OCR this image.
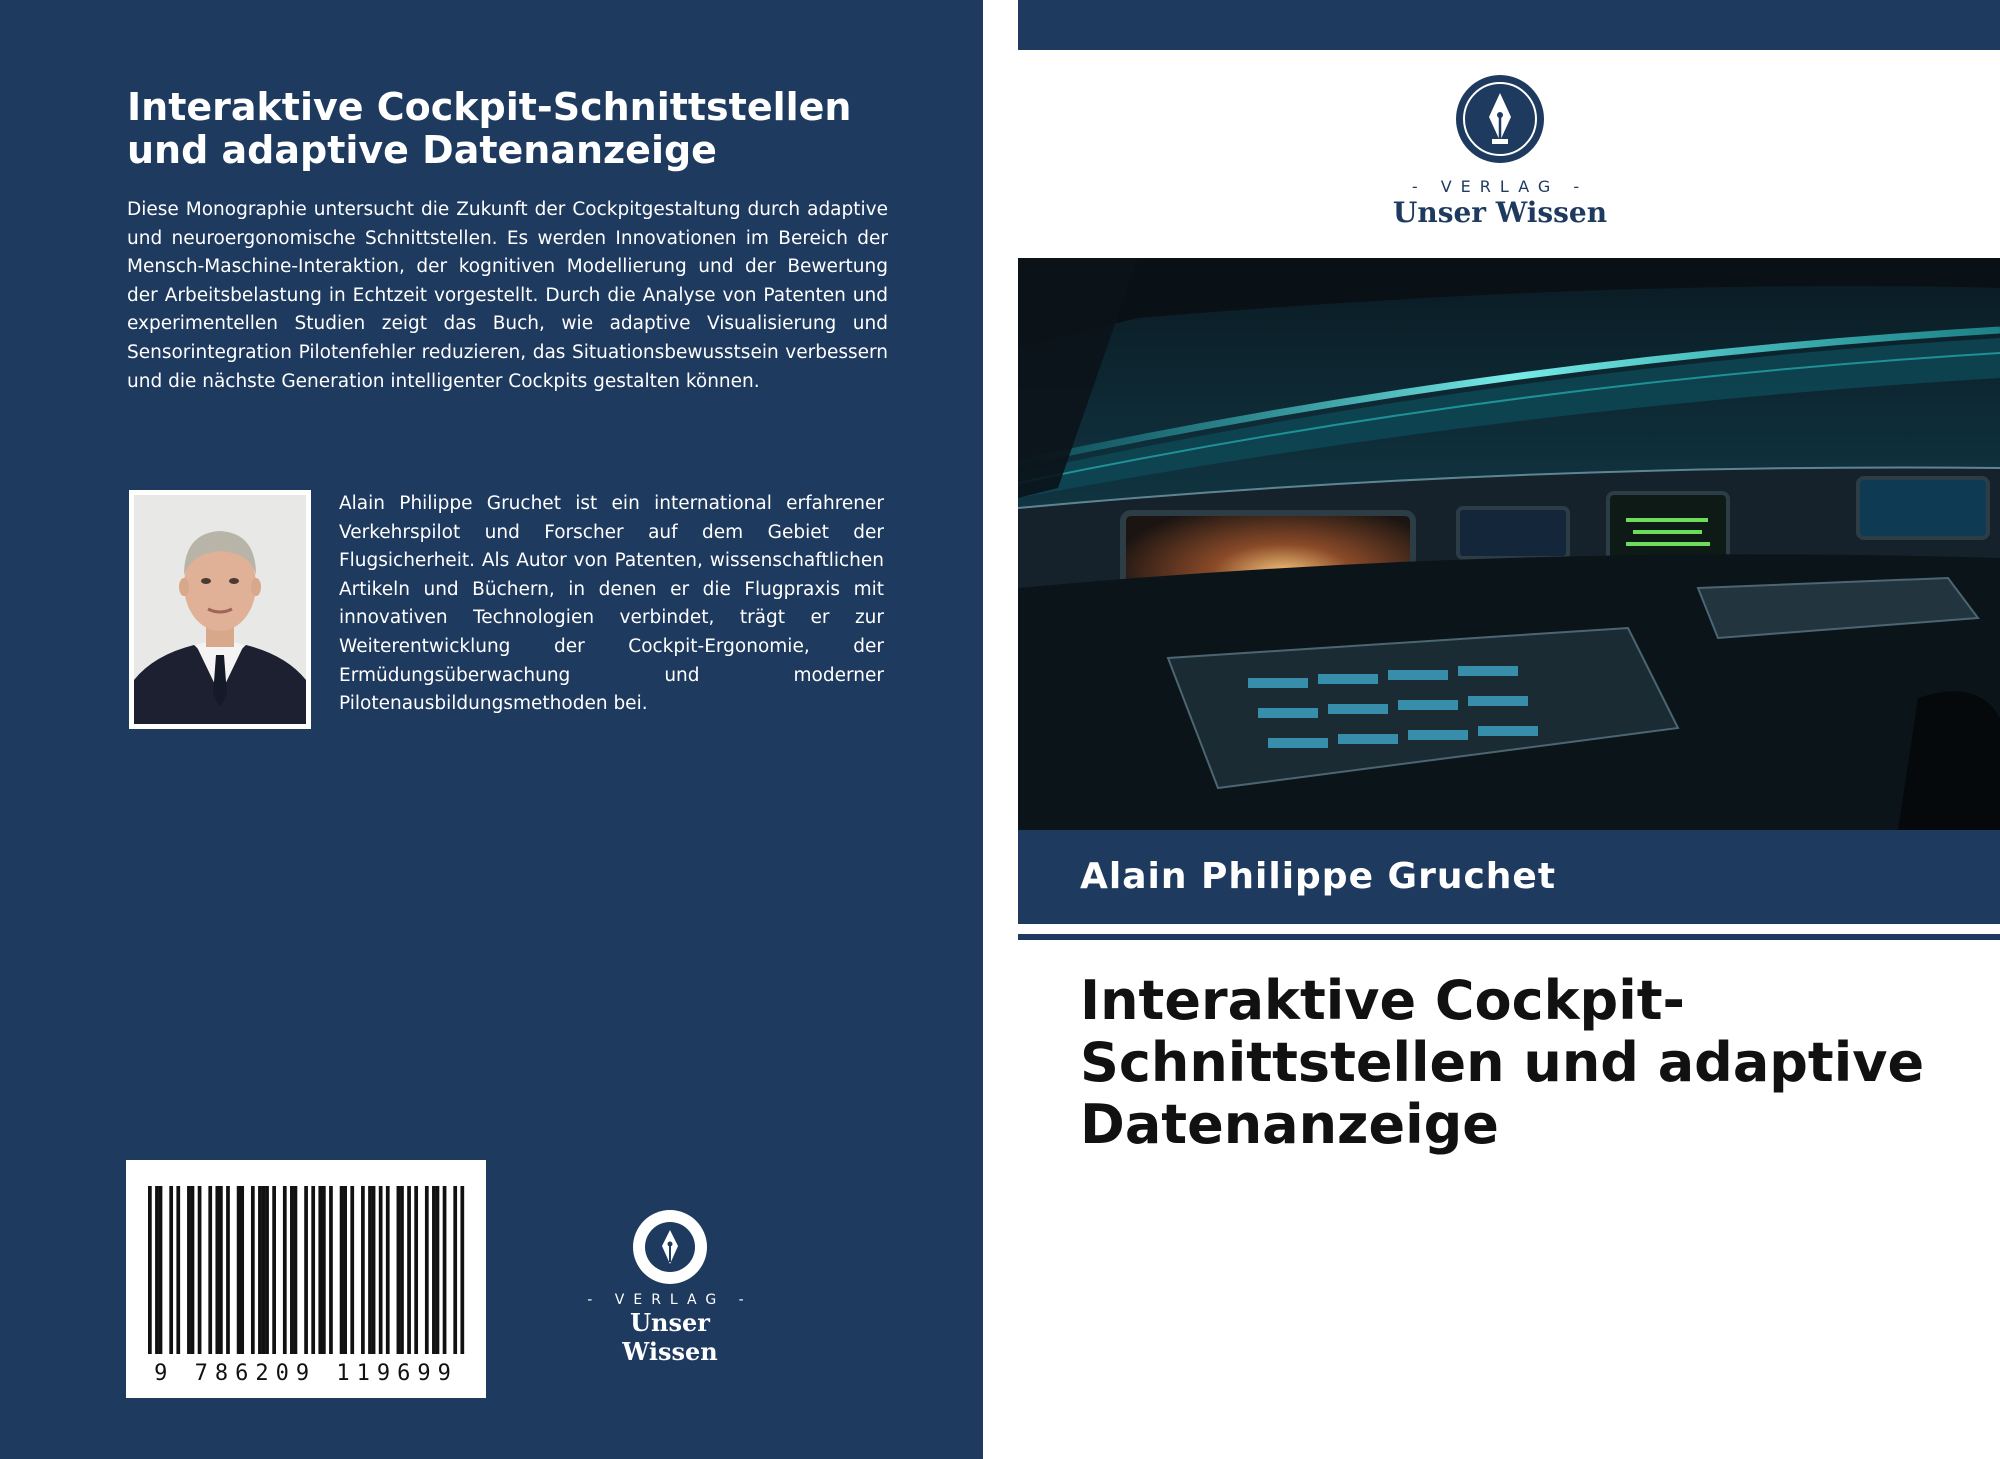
Interaktive Cockpit-Schnittstellen und adaptive Datenanzeige

Diese Monographie untersucht die Zukunft der Cockpitgestaltung durch adaptive und neuroergonomische Schnittstellen. Es werden Innovationen im Bereich der Mensch-Maschine-Interaktion, der kognitiven Modellierung und der Bewertung der Arbeitsbelastung in Echtzeit vorgestellt. Durch die Analyse von Patenten und experimentellen Studien zeigt das Buch, wie adaptive Visualisierung und Sensorintegration Pilotenfehler reduzieren, das Situationsbewusstsein verbessern und die nächste Generation intelligenter Cockpits gestalten können.

Alain Philippe Gruchet ist ein international erfahrener Verkehrspilot und Forscher auf dem Gebiet der Flugsicherheit. Als Autor von Patenten, wissenschaftlichen Artikeln und Büchern, in denen er die Flugpraxis mit innovativen Technologien verbindet, trägt er zur Weiterentwicklung der Cockpit-Ergonomie, der Ermüdungsüberwachung und moderner Pilotenausbildungsmethoden bei.

9 786209 119699
- VERLAG -
Unser Wissen
- VERLAG -
Unser Wissen
Alain Philippe Gruchet
Interaktive Cockpit-Schnittstellen und adaptive Datenanzeige
